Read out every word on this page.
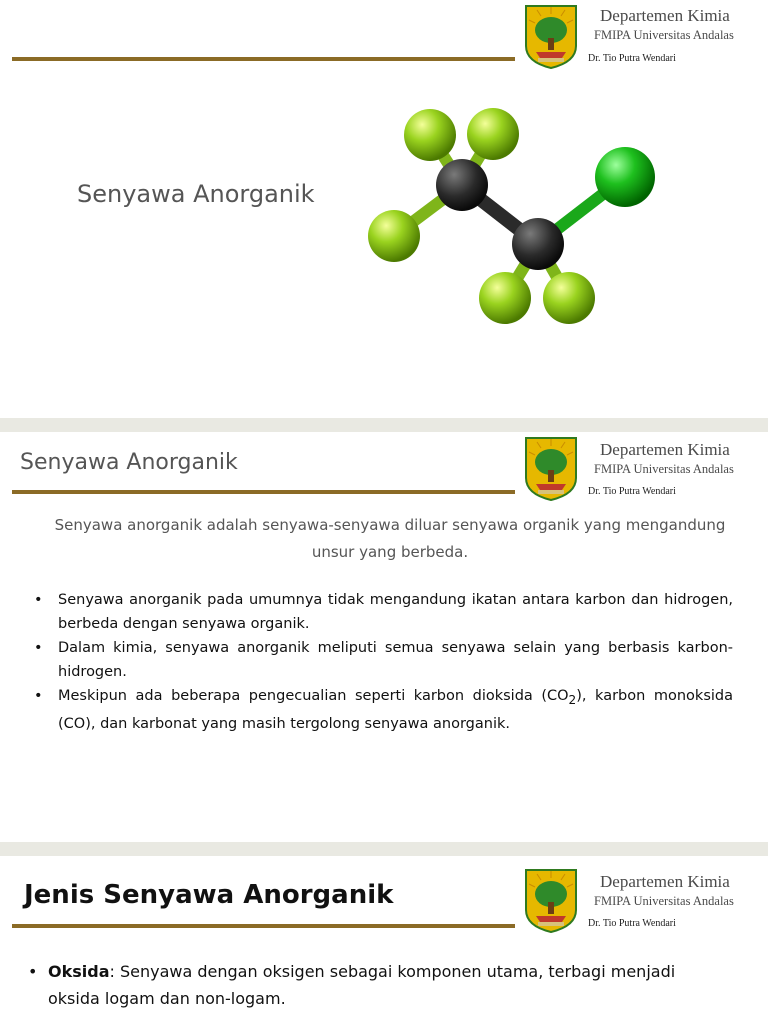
Departemen Kimia
FMIPA Universitas Andalas
Dr. Tio Putra Wendari
Senyawa Anorganik
Senyawa Anorganik
Departemen Kimia
FMIPA Universitas Andalas
Dr. Tio Putra Wendari
Senyawa anorganik adalah senyawa-senyawa diluar senyawa organik yang mengandung unsur yang berbeda.
• Senyawa anorganik pada umumnya tidak mengandung ikatan antara karbon dan hidrogen, berbeda dengan senyawa organik.
• Dalam kimia, senyawa anorganik meliputi semua senyawa selain yang berbasis karbon-hidrogen.
• Meskipun ada beberapa pengecualian seperti karbon dioksida $(CO_2)$, karbon monoksida (CO), dan karbonat yang masih tergolong senyawa anorganik.
Jenis Senyawa Anorganik	Departemen Kimia
FMIPA Universitas Andalas
Dr. Tio Putra Wendari
• Oksida: Senyawa dengan oksigen sebagai komponen utama, terbagi menjadi oksida logam dan non-logam.
